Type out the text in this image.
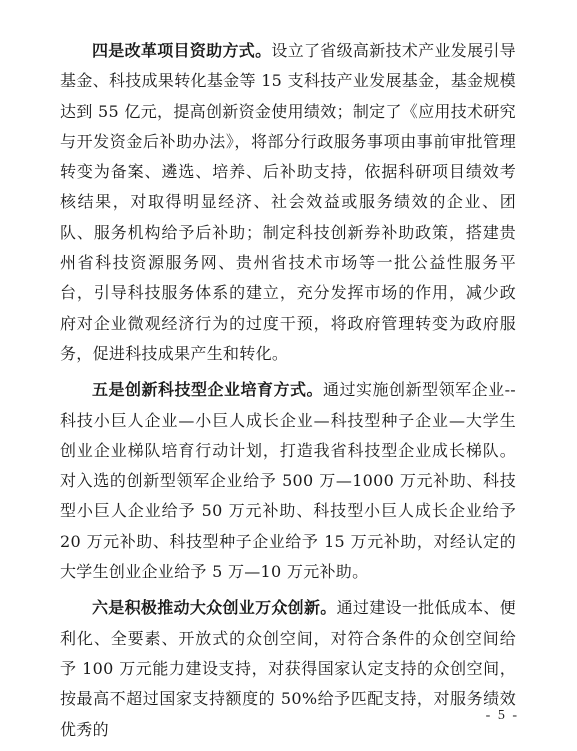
四是改革项目资助方式。设立了省级高新技术产业发展引导基金、科技成果转化基金等 15 支科技产业发展基金，基金规模达到 55 亿元，提高创新资金使用绩效；制定了《应用技术研究与开发资金后补助办法》，将部分行政服务事项由事前审批管理转变为备案、遴选、培养、后补助支持，依据科研项目绩效考核结果，对取得明显经济、社会效益或服务绩效的企业、团队、服务机构给予后补助；制定科技创新券补助政策，搭建贵州省科技资源服务网、贵州省技术市场等一批公益性服务平台，引导科技服务体系的建立，充分发挥市场的作用，减少政府对企业微观经济行为的过度干预，将政府管理转变为政府服务，促进科技成果产生和转化。

五是创新科技型企业培育方式。通过实施创新型领军企业--科技小巨人企业—小巨人成长企业—科技型种子企业—大学生创业企业梯队培育行动计划，打造我省科技型企业成长梯队。对入选的创新型领军企业给予 500 万—1000 万元补助、科技型小巨人企业给予 50 万元补助、科技型小巨人成长企业给予 20 万元补助、科技型种子企业给予 15 万元补助，对经认定的大学生创业企业给予 5 万—10 万元补助。

六是积极推动大众创业万众创新。通过建设一批低成本、便利化、全要素、开放式的众创空间，对符合条件的众创空间给予 100 万元能力建设支持，对获得国家认定支持的众创空间，按最高不超过国家支持额度的 50%给予匹配支持，对服务绩效优秀的

- 5 -
